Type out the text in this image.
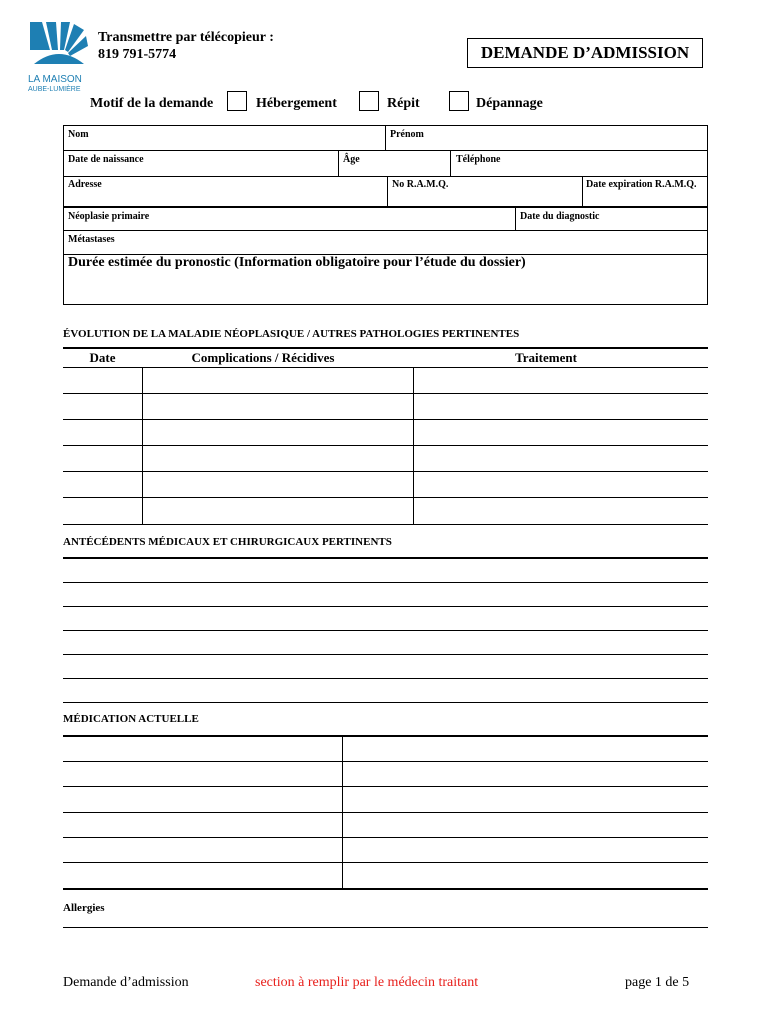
LA MAISON
AUBE-LUMIÈRE
Transmettre par télécopieur :
819 791-5774	DEMANDE D’ADMISSION
Motif de la demande	Hébergement	Répit	Dépannage
Nom	Prénom
Date de naissance	Âge	Téléphone
Adresse	No R.A.M.Q.	Date expiration R.A.M.Q.
Néoplasie primaire	Date du diagnostic
Métastases
Durée estimée du pronostic (Information obligatoire pour l’étude du dossier)
ÉVOLUTION DE LA MALADIE NÉOPLASIQUE / AUTRES PATHOLOGIES PERTINENTES
Date	Complications / Récidives	Traitement
ANTÉCÉDENTS MÉDICAUX ET CHIRURGICAUX PERTINENTS
MÉDICATION ACTUELLE
Allergies
Demande d’admission	section à remplir par le médecin traitant	page 1 de 5
